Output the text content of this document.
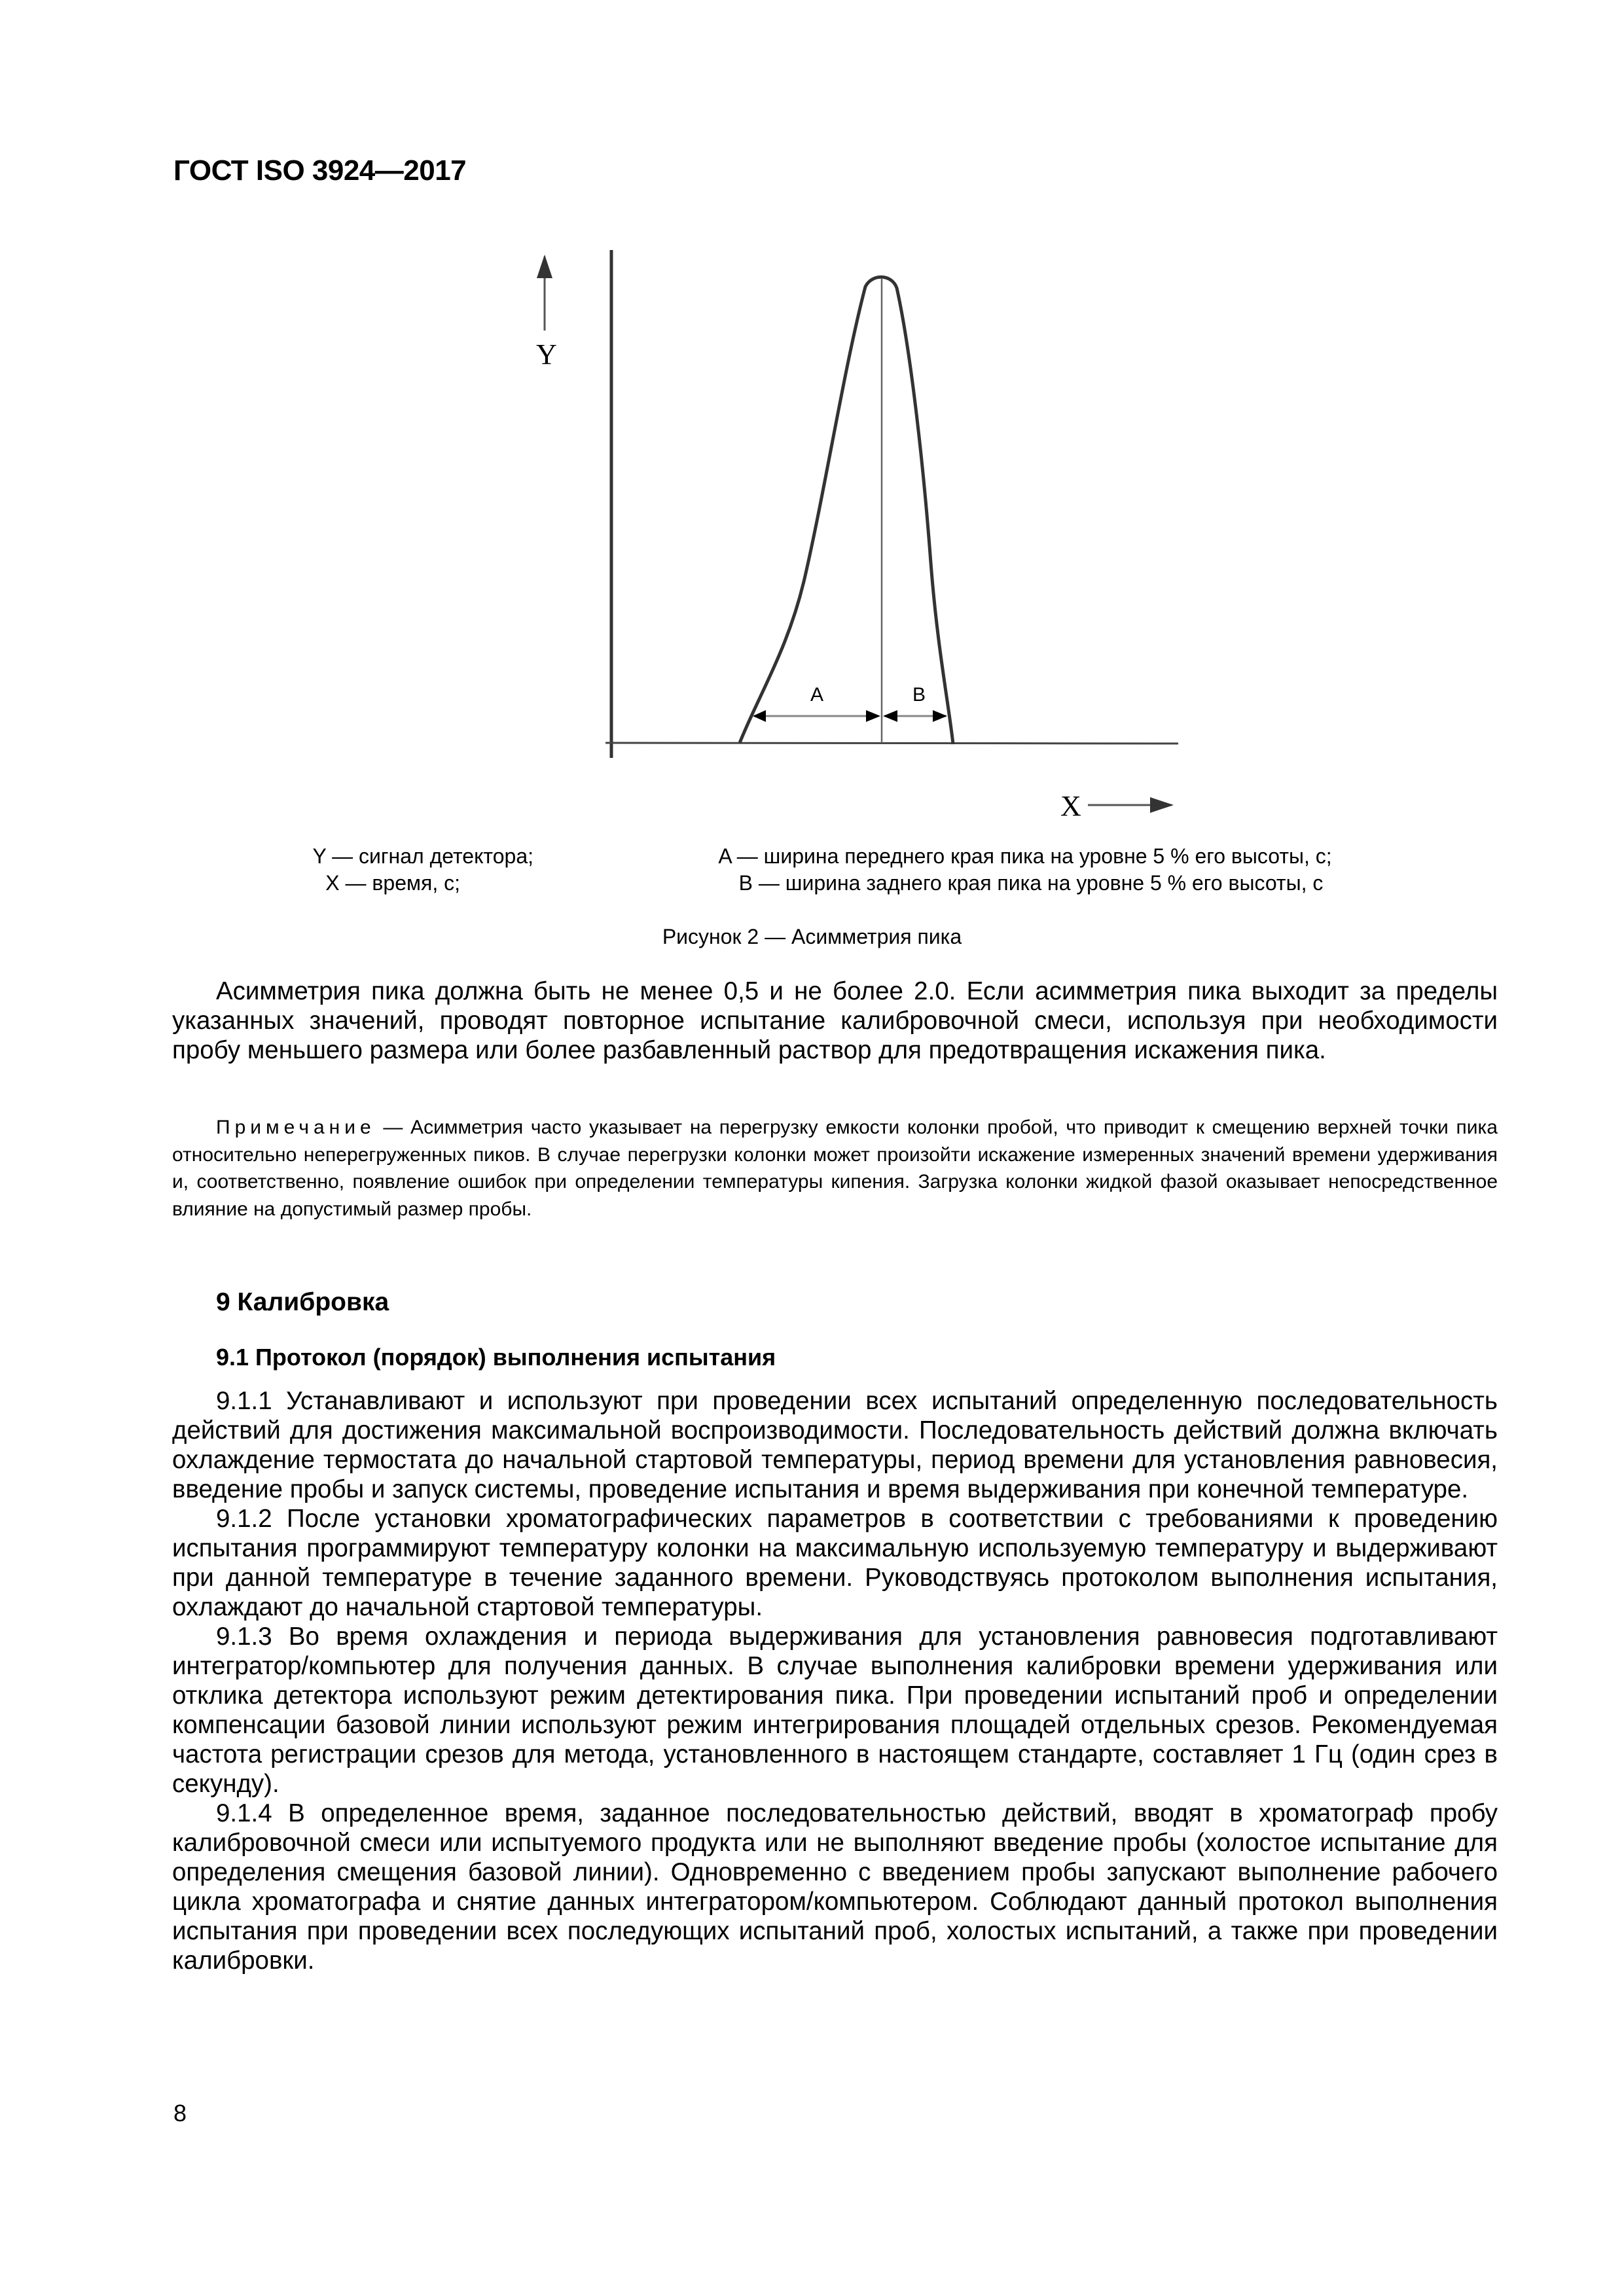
ГОСТ ISO 3924—2017
Y
X
A	B
Y — сигнал детектора;
X — время, с;
A — ширина переднего края пика на уровне 5 % его высоты, с;
B — ширина заднего края пика на уровне 5 % его высоты, с
Рисунок 2 — Асимметрия пика

Асимметрия пика должна быть не менее 0,5 и не более 2.0. Если асимметрия пика выходит за пределы указанных значений, проводят повторное испытание калибровочной смеси, используя при необходимости пробу меньшего размера или более разбавленный раствор для предотвращения искажения пика.

Примечание — Асимметрия часто указывает на перегрузку емкости колонки пробой, что приводит к смещению верхней точки пика относительно неперегруженных пиков. В случае перегрузки колонки может произойти искажение измеренных значений времени удерживания и, соответственно, появление ошибок при определении температуры кипения. Загрузка колонки жидкой фазой оказывает непосредственное влияние на допустимый размер пробы.

9 Калибровка
9.1 Протокол (порядок) выполнения испытания

9.1.1 Устанавливают и используют при проведении всех испытаний определенную последовательность действий для достижения максимальной воспроизводимости. Последовательность действий должна включать охлаждение термостата до начальной стартовой температуры, период времени для установления равновесия, введение пробы и запуск системы, проведение испытания и время выдерживания при конечной температуре.

9.1.2 После установки хроматографических параметров в соответствии с требованиями к проведению испытания программируют температуру колонки на максимальную используемую температуру и выдерживают при данной температуре в течение заданного времени. Руководствуясь протоколом выполнения испытания, охлаждают до начальной стартовой температуры.

9.1.3 Во время охлаждения и периода выдерживания для установления равновесия подготавливают интегратор/компьютер для получения данных. В случае выполнения калибровки времени удерживания или отклика детектора используют режим детектирования пика. При проведении испытаний проб и определении компенсации базовой линии используют режим интегрирования площадей отдельных срезов. Рекомендуемая частота регистрации срезов для метода, установленного в настоящем стандарте, составляет 1 Гц (один срез в секунду).

9.1.4 В определенное время, заданное последовательностью действий, вводят в хроматограф пробу калибровочной смеси или испытуемого продукта или не выполняют введение пробы (холостое испытание для определения смещения базовой линии). Одновременно с введением пробы запускают выполнение рабочего цикла хроматографа и снятие данных интегратором/компьютером. Соблюдают данный протокол выполнения испытания при проведении всех последующих испытаний проб, холостых испытаний, а также при проведении калибровки.

8
